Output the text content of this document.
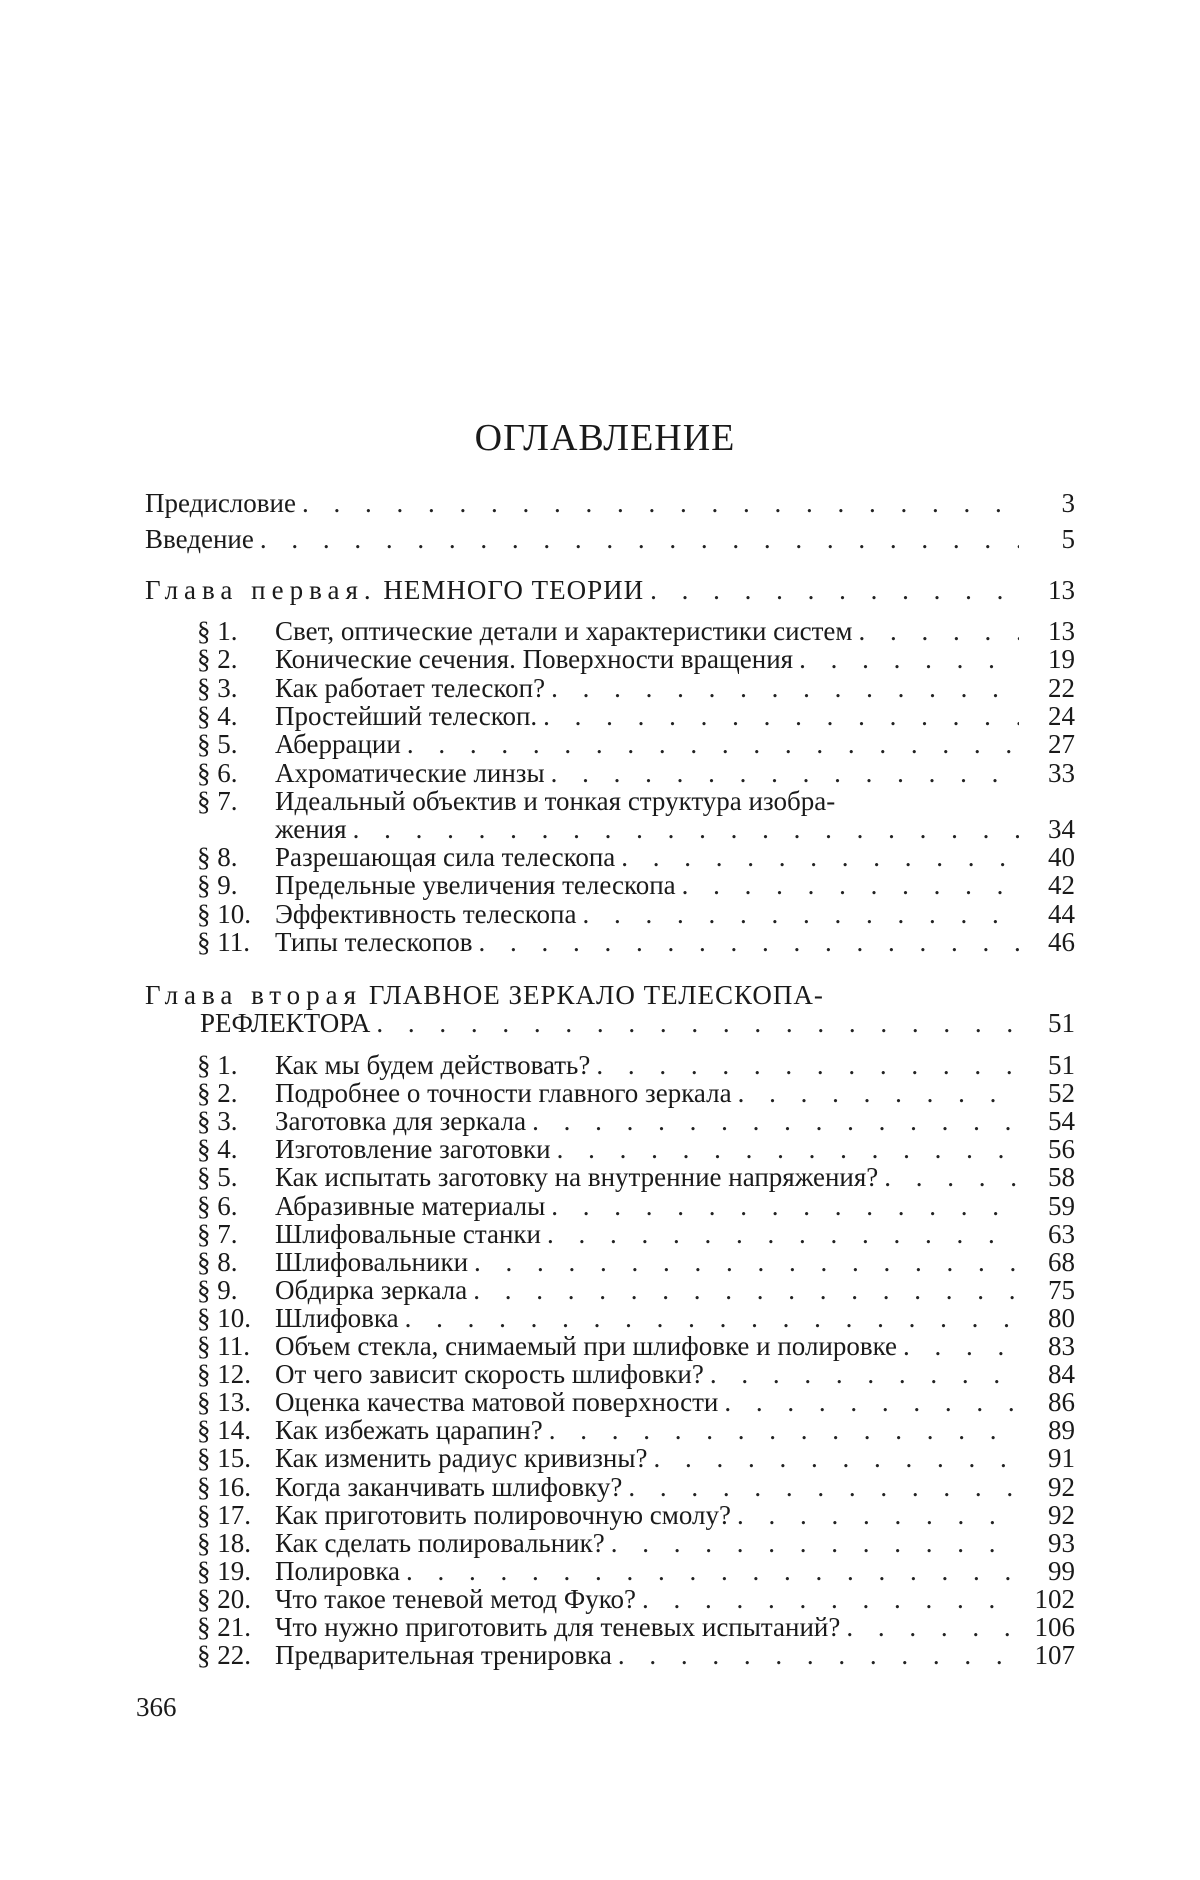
ОГЛАВЛЕНИЕ
Предисловие . . .	3
Введение . . .	5
Глава первая. НЕМНОГО ТЕОРИИ . . .	13
§ 1. Свет, оптические детали и характеристики систем . . .	13
§ 2. Конические сечения. Поверхности вращения . . .	19
§ 3. Как работает телескоп? . . .	22
§ 4. Простейший телескоп. . . .	24
§ 5. Аберрации . . .	27
§ 6. Ахроматические линзы . . .	33
§ 7. Идеальный объектив и тонкая структура изобра-
жения . . .	34
§ 8. Разрешающая сила телескопа . . .	40
§ 9. Предельные увеличения телескопа . . .	42
§ 10. Эффективность телескопа . . .	44
§ 11. Типы телескопов . . .	46
Глава вторая ГЛАВНОЕ ЗЕРКАЛО ТЕЛЕСКОПА-
РЕФЛЕКТОРА . . .	51
§ 1. Как мы будем действовать? . . .	51
§ 2. Подробнее о точности главного зеркала . . .	52
§ 3. Заготовка для зеркала . . .	54
§ 4. Изготовление заготовки . . .	56
§ 5. Как испытать заготовку на внутренние напряжения? . . .	58
§ 6. Абразивные материалы . . .	59
§ 7. Шлифовальные станки . . .	63
§ 8. Шлифовальники . . .	68
§ 9. Обдирка зеркала . . .	75
§ 10. Шлифовка . . .	80
§ 11. Объем стекла, снимаемый при шлифовке и полировке . . .	83
§ 12. От чего зависит скорость шлифовки? . . .	84
§ 13. Оценка качества матовой поверхности . . .	86
§ 14. Как избежать царапин? . . .	89
§ 15. Как изменить радиус кривизны? . . .	91
§ 16. Когда заканчивать шлифовку? . . .	92
§ 17. Как приготовить полировочную смолу? . . .	92
§ 18. Как сделать полировальник? . . .	93
§ 19. Полировка . . .	99
§ 20. Что такое теневой метод Фуко? . . .	102
§ 21. Что нужно приготовить для теневых испытаний? . . .	106
§ 22. Предварительная тренировка . . .	107
366
